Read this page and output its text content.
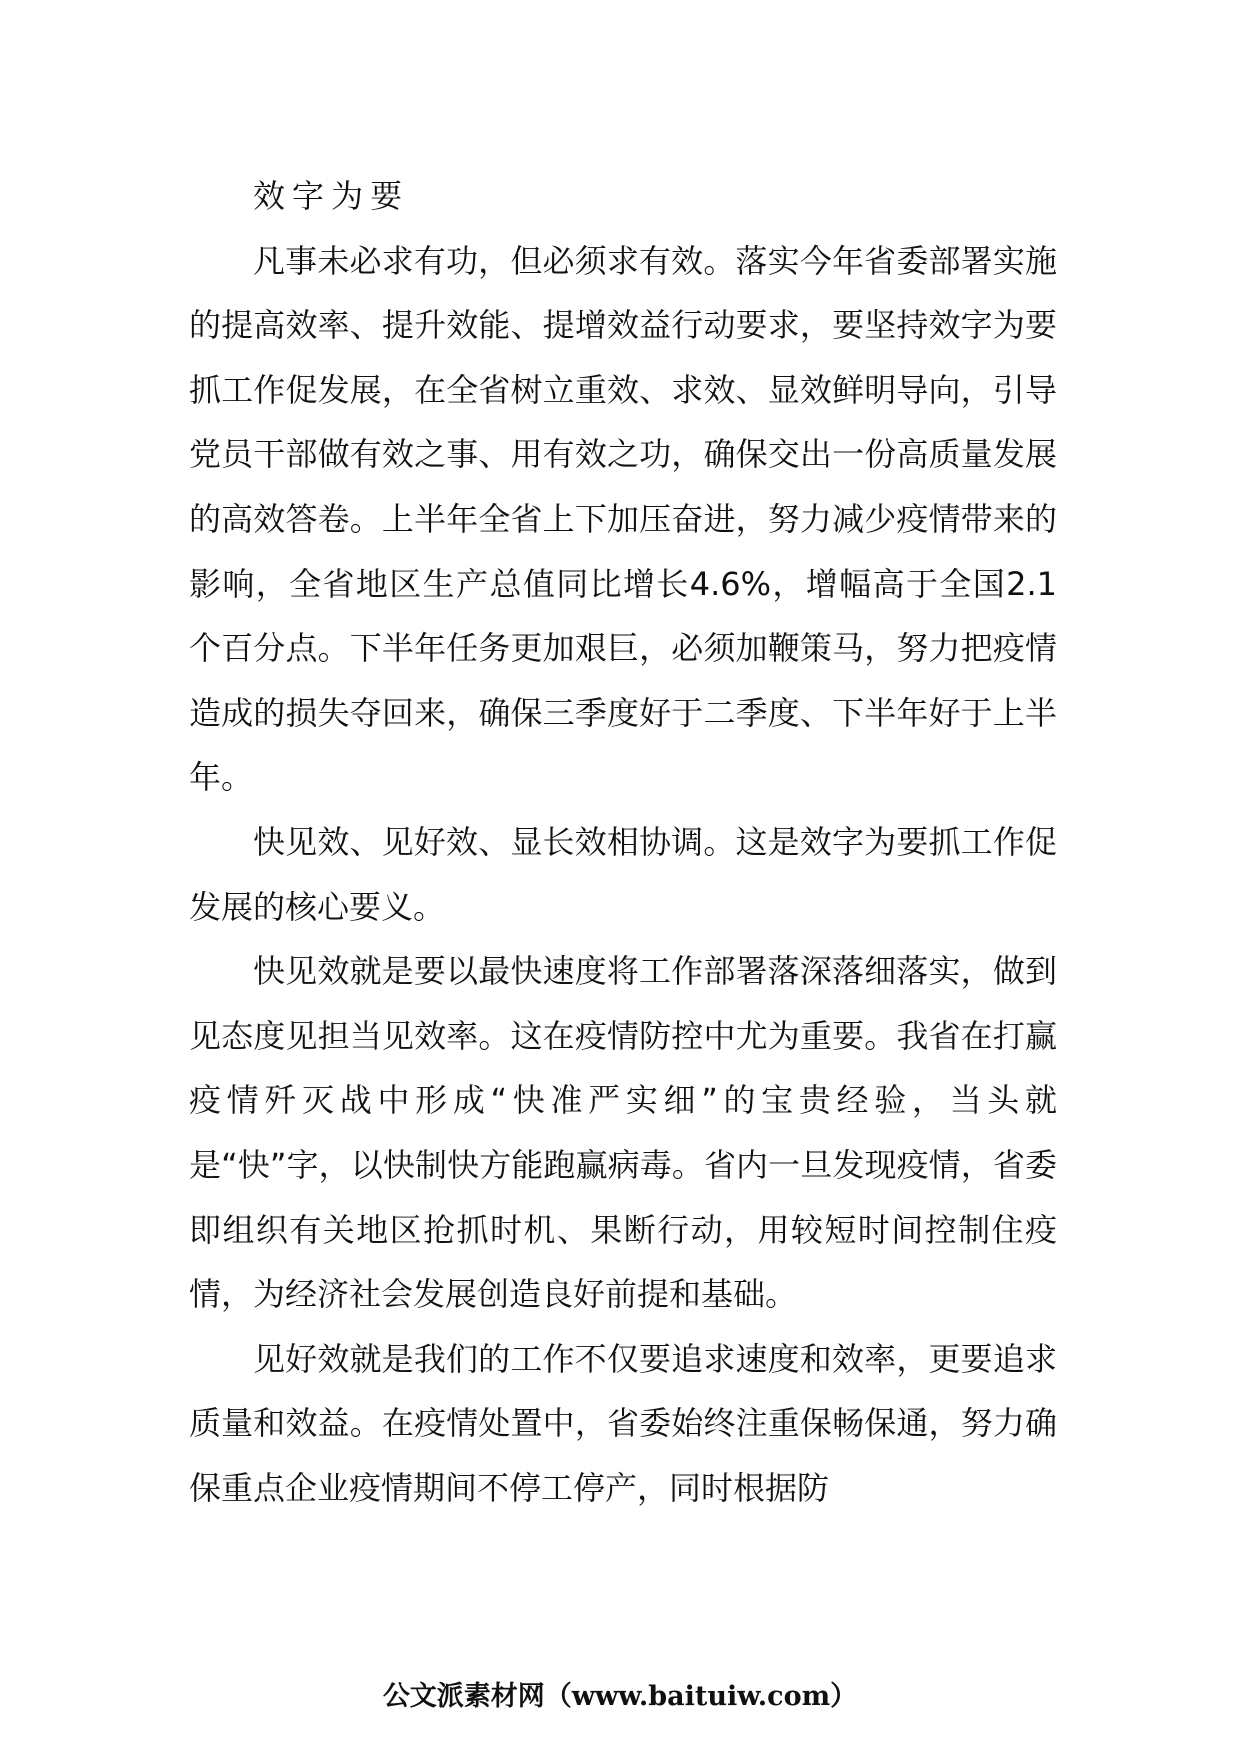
效字为要

凡事未必求有功，但必须求有效。落实今年省委部署实施的提高效率、提升效能、提增效益行动要求，要坚持效字为要抓工作促发展，在全省树立重效、求效、显效鲜明导向，引导党员干部做有效之事、用有效之功，确保交出一份高质量发展的高效答卷。上半年全省上下加压奋进，努力减少疫情带来的影响，全省地区生产总值同比增长4.6%，增幅高于全国2.1个百分点。下半年任务更加艰巨，必须加鞭策马，努力把疫情造成的损失夺回来，确保三季度好于二季度、下半年好于上半年。

快见效、见好效、显长效相协调。这是效字为要抓工作促发展的核心要义。

快见效就是要以最快速度将工作部署落深落细落实，做到见态度见担当见效率。这在疫情防控中尤为重要。我省在打赢疫情歼灭战中形成“快准严实细”的宝贵经验，当头就是“快”字，以快制快方能跑赢病毒。省内一旦发现疫情，省委即组织有关地区抢抓时机、果断行动，用较短时间控制住疫情，为经济社会发展创造良好前提和基础。

见好效就是我们的工作不仅要追求速度和效率，更要追求质量和效益。在疫情处置中，省委始终注重保畅保通，努力确保重点企业疫情期间不停工停产，同时根据防

公文派素材网（www.baituiw.com）
